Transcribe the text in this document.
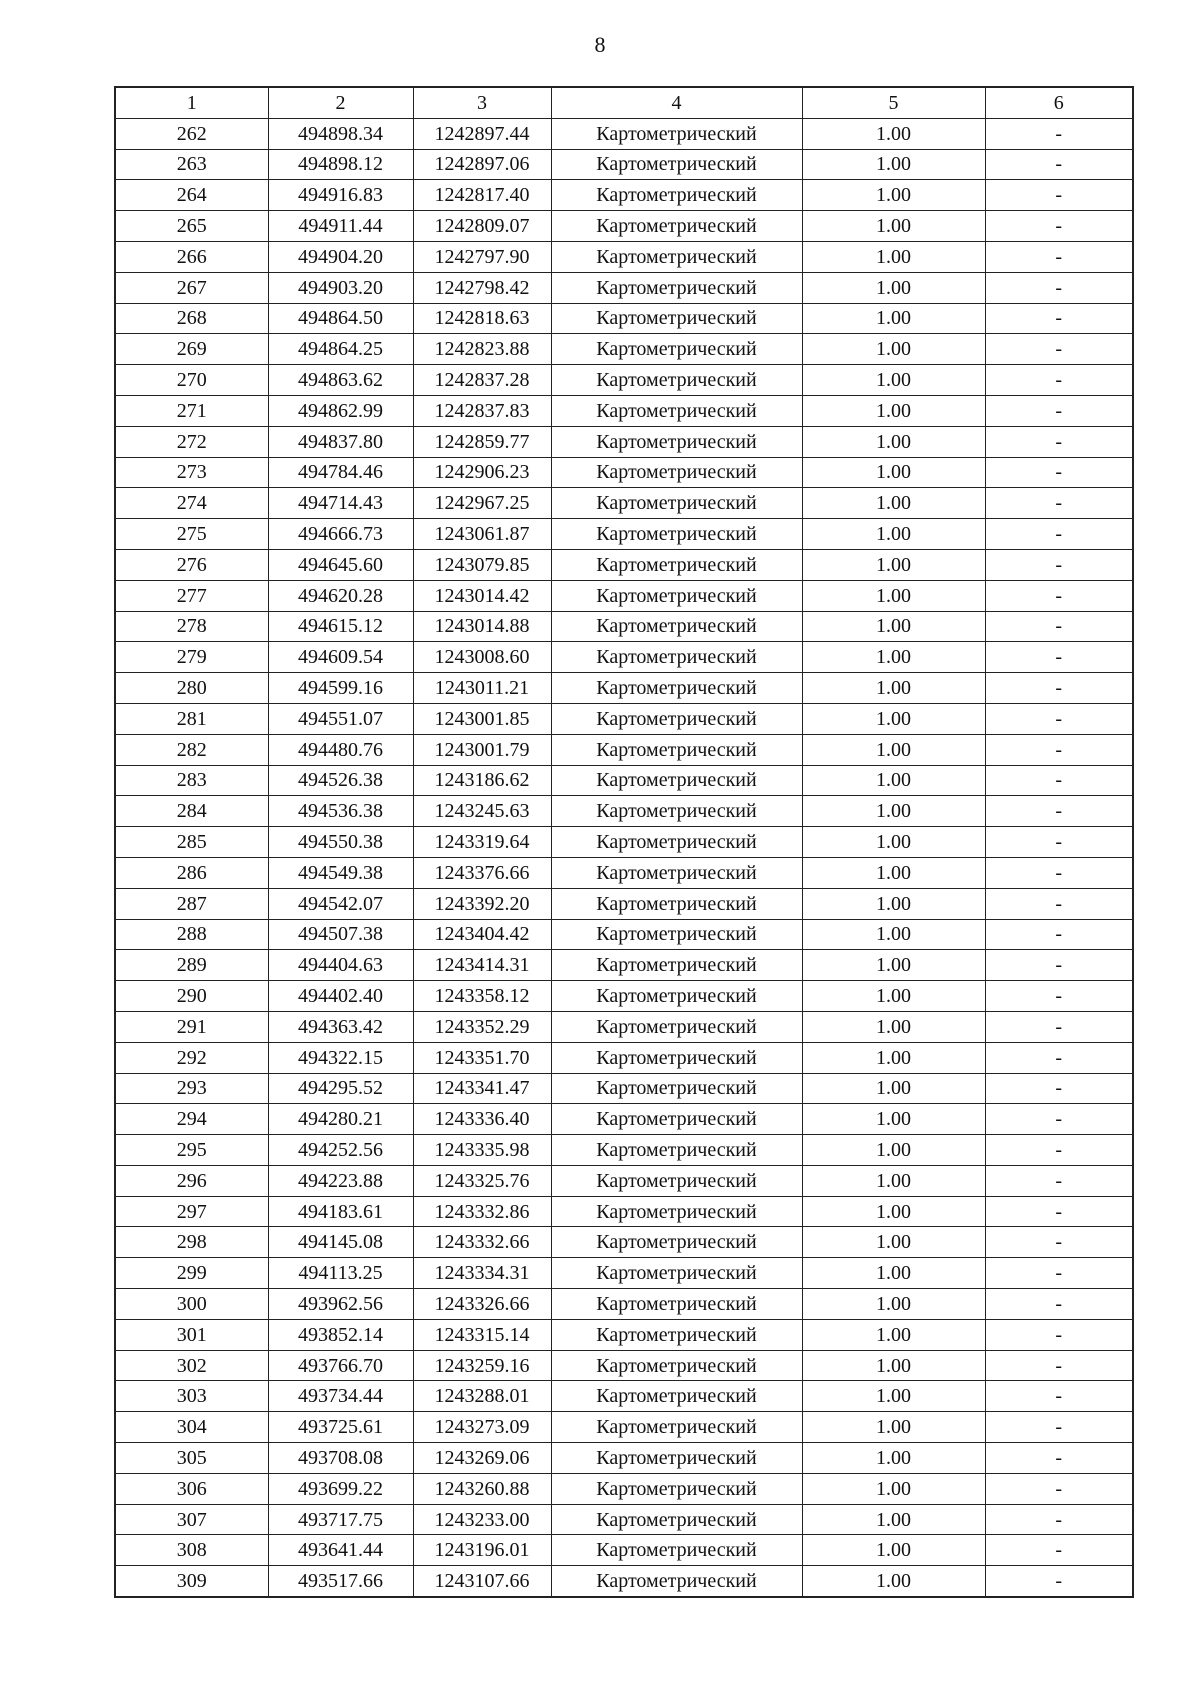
8
1	2	3	4	5	6
262	494898.34	1242897.44	Картометрический	1.00	-
263	494898.12	1242897.06	Картометрический	1.00	-
264	494916.83	1242817.40	Картометрический	1.00	-
265	494911.44	1242809.07	Картометрический	1.00	-
266	494904.20	1242797.90	Картометрический	1.00	-
267	494903.20	1242798.42	Картометрический	1.00	-
268	494864.50	1242818.63	Картометрический	1.00	-
269	494864.25	1242823.88	Картометрический	1.00	-
270	494863.62	1242837.28	Картометрический	1.00	-
271	494862.99	1242837.83	Картометрический	1.00	-
272	494837.80	1242859.77	Картометрический	1.00	-
273	494784.46	1242906.23	Картометрический	1.00	-
274	494714.43	1242967.25	Картометрический	1.00	-
275	494666.73	1243061.87	Картометрический	1.00	-
276	494645.60	1243079.85	Картометрический	1.00	-
277	494620.28	1243014.42	Картометрический	1.00	-
278	494615.12	1243014.88	Картометрический	1.00	-
279	494609.54	1243008.60	Картометрический	1.00	-
280	494599.16	1243011.21	Картометрический	1.00	-
281	494551.07	1243001.85	Картометрический	1.00	-
282	494480.76	1243001.79	Картометрический	1.00	-
283	494526.38	1243186.62	Картометрический	1.00	-
284	494536.38	1243245.63	Картометрический	1.00	-
285	494550.38	1243319.64	Картометрический	1.00	-
286	494549.38	1243376.66	Картометрический	1.00	-
287	494542.07	1243392.20	Картометрический	1.00	-
288	494507.38	1243404.42	Картометрический	1.00	-
289	494404.63	1243414.31	Картометрический	1.00	-
290	494402.40	1243358.12	Картометрический	1.00	-
291	494363.42	1243352.29	Картометрический	1.00	-
292	494322.15	1243351.70	Картометрический	1.00	-
293	494295.52	1243341.47	Картометрический	1.00	-
294	494280.21	1243336.40	Картометрический	1.00	-
295	494252.56	1243335.98	Картометрический	1.00	-
296	494223.88	1243325.76	Картометрический	1.00	-
297	494183.61	1243332.86	Картометрический	1.00	-
298	494145.08	1243332.66	Картометрический	1.00	-
299	494113.25	1243334.31	Картометрический	1.00	-
300	493962.56	1243326.66	Картометрический	1.00	-
301	493852.14	1243315.14	Картометрический	1.00	-
302	493766.70	1243259.16	Картометрический	1.00	-
303	493734.44	1243288.01	Картометрический	1.00	-
304	493725.61	1243273.09	Картометрический	1.00	-
305	493708.08	1243269.06	Картометрический	1.00	-
306	493699.22	1243260.88	Картометрический	1.00	-
307	493717.75	1243233.00	Картометрический	1.00	-
308	493641.44	1243196.01	Картометрический	1.00	-
309	493517.66	1243107.66	Картометрический	1.00	-
